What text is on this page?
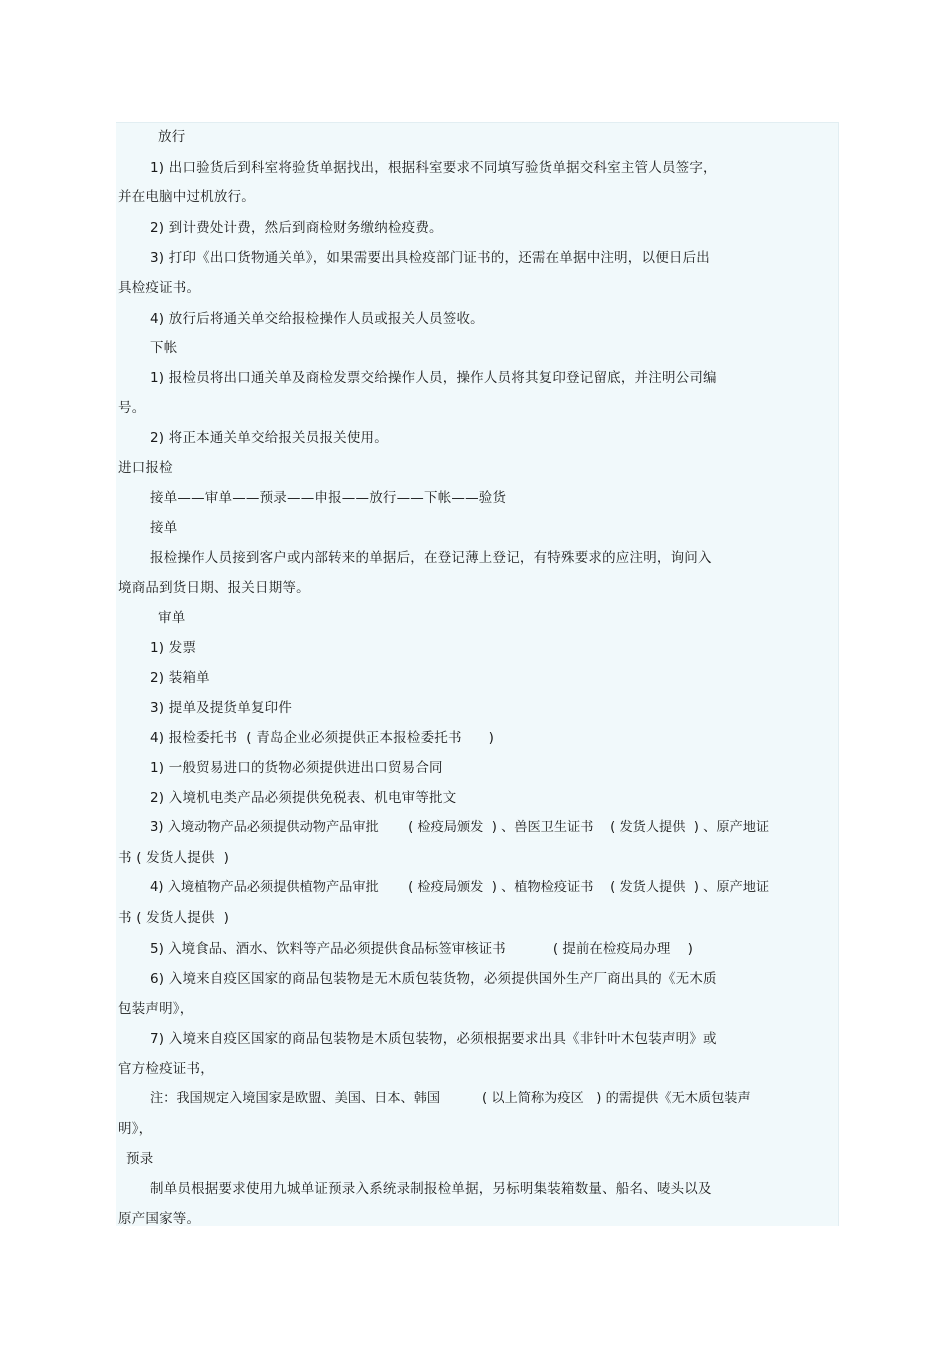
放行
1) 出口验货后到科室将验货单据找出，根据科室要求不同填写验货单据交科室主管人员签字，
并在电脑中过机放行。
2) 到计费处计费，然后到商检财务缴纳检疫费。
3) 打印《出口货物通关单》，如果需要出具检疫部门证书的，还需在单据中注明，以便日后出
具检疫证书。
4) 放行后将通关单交给报检操作人员或报关人员签收。
下帐
1) 报检员将出口通关单及商检发票交给操作人员，操作人员将其复印登记留底，并注明公司编
号。
2) 将正本通关单交给报关员报关使用。
进口报检
接单——审单——预录——申报——放行——下帐——验货
接单
报检操作人员接到客户或内部转来的单据后，在登记薄上登记，有特殊要求的应注明，询问入
境商品到货日期、报关日期等。
审单
1) 发票
2) 装箱单
3) 提单及提货单复印件
4) 报检委托书  ( 青岛企业必须提供正本报检委托书      )
1) 一般贸易进口的货物必须提供进出口贸易合同
2) 入境机电类产品必须提供免税表、机电审等批文
3) 入境动物产品必须提供动物产品审批       ( 检疫局颁发  ) 、兽医卫生证书    ( 发货人提供  ) 、原产地证
书 ( 发货人提供  )
4) 入境植物产品必须提供植物产品审批       ( 检疫局颁发  ) 、植物检疫证书    ( 发货人提供  ) 、原产地证
书 ( 发货人提供  )
5) 入境食品、酒水、饮料等产品必须提供食品标签审核证书           ( 提前在检疫局办理    )
6) 入境来自疫区国家的商品包装物是无木质包装货物，必须提供国外生产厂商出具的《无木质
包装声明》，
7) 入境来自疫区国家的商品包装物是木质包装物，必须根据要求出具《非针叶木包装声明》或
官方检疫证书，
注：我国规定入境国家是欧盟、美国、日本、韩国          ( 以上简称为疫区   ) 的需提供《无木质包装声
明》，
预录
制单员根据要求使用九城单证预录入系统录制报检单据，另标明集装箱数量、船名、唛头以及
原产国家等。
